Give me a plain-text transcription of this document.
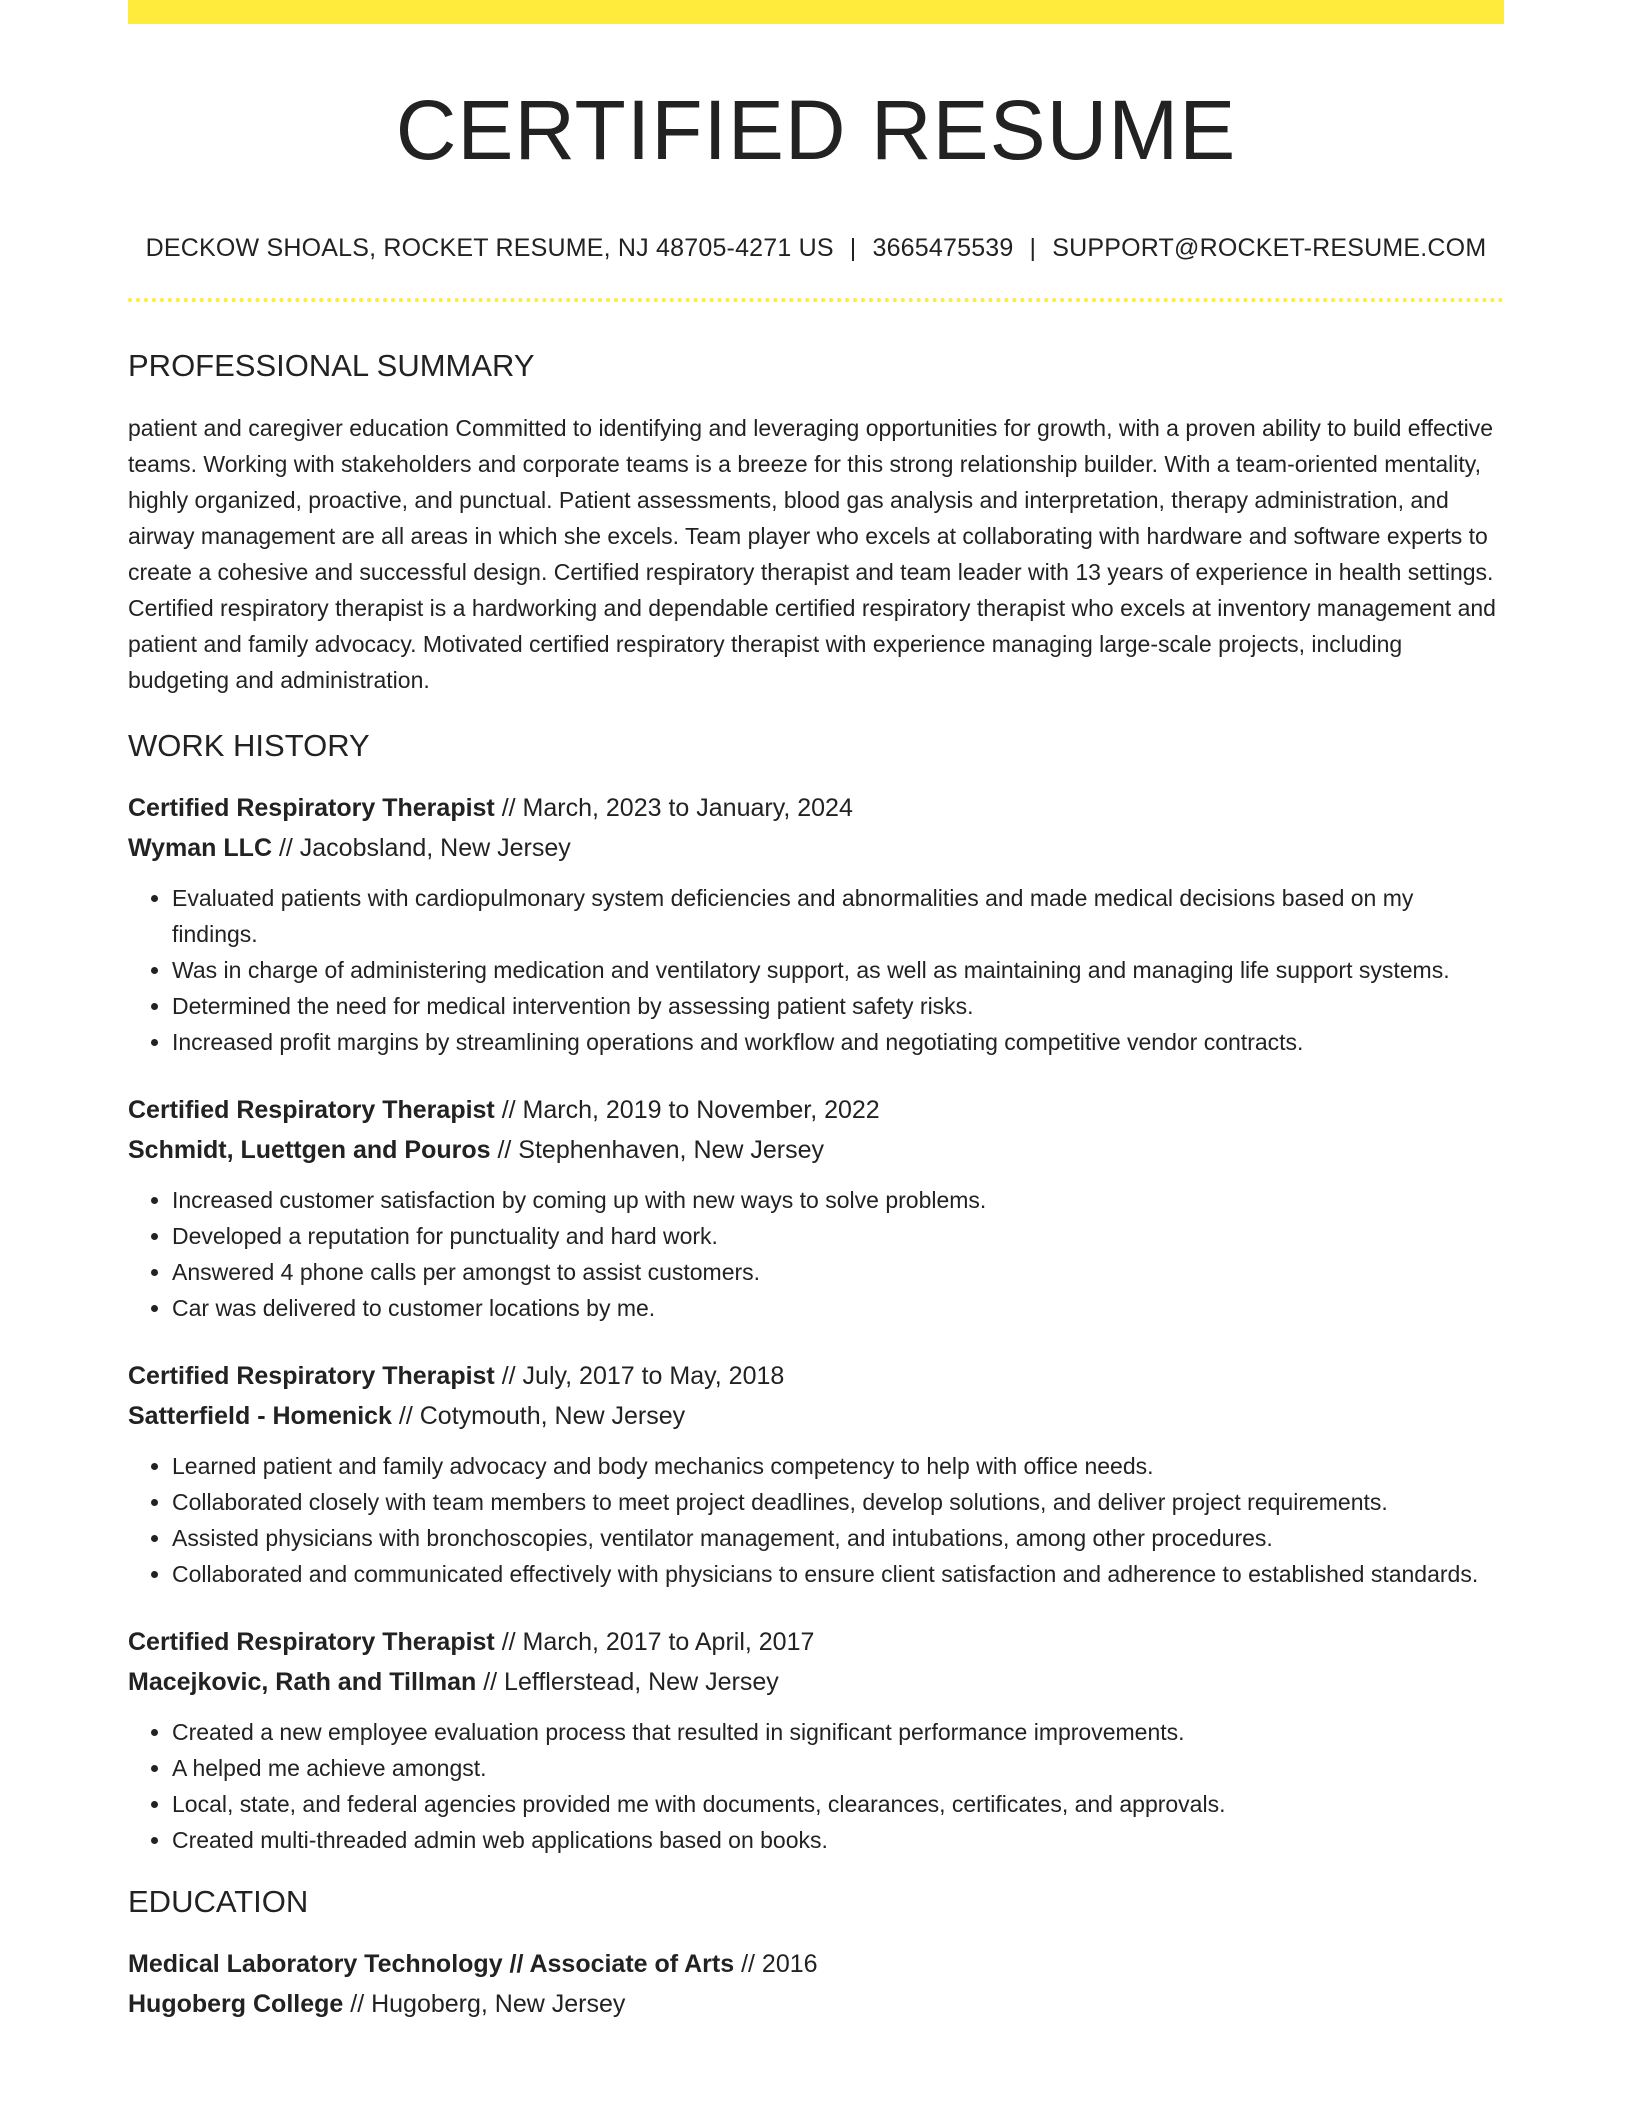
CERTIFIED RESUME
DECKOW SHOALS, ROCKET RESUME, NJ 48705-4271 US | 3665475539 | SUPPORT@ROCKET-RESUME.COM
PROFESSIONAL SUMMARY

patient and caregiver education Committed to identifying and leveraging opportunities for growth, with a proven ability to build effective teams. Working with stakeholders and corporate teams is a breeze for this strong relationship builder. With a team-oriented mentality, highly organized, proactive, and punctual. Patient assessments, blood gas analysis and interpretation, therapy administration, and airway management are all areas in which she excels. Team player who excels at collaborating with hardware and software experts to create a cohesive and successful design. Certified respiratory therapist and team leader with 13 years of experience in health settings. Certified respiratory therapist is a hardworking and dependable certified respiratory therapist who excels at inventory management and patient and family advocacy. Motivated certified respiratory therapist with experience managing large-scale projects, including budgeting and administration.

WORK HISTORY
Certified Respiratory Therapist // March, 2023 to January, 2024
Wyman LLC // Jacobsland, New Jersey
• Evaluated patients with cardiopulmonary system deficiencies and abnormalities and made medical decisions based on my findings.
• Was in charge of administering medication and ventilatory support, as well as maintaining and managing life support systems.
• Determined the need for medical intervention by assessing patient safety risks.
• Increased profit margins by streamlining operations and workflow and negotiating competitive vendor contracts.
Certified Respiratory Therapist // March, 2019 to November, 2022
Schmidt, Luettgen and Pouros // Stephenhaven, New Jersey
• Increased customer satisfaction by coming up with new ways to solve problems.
• Developed a reputation for punctuality and hard work.
• Answered 4 phone calls per amongst to assist customers.
• Car was delivered to customer locations by me.
Certified Respiratory Therapist // July, 2017 to May, 2018
Satterfield - Homenick // Cotymouth, New Jersey
• Learned patient and family advocacy and body mechanics competency to help with office needs.
• Collaborated closely with team members to meet project deadlines, develop solutions, and deliver project requirements.
• Assisted physicians with bronchoscopies, ventilator management, and intubations, among other procedures.
• Collaborated and communicated effectively with physicians to ensure client satisfaction and adherence to established standards.
Certified Respiratory Therapist // March, 2017 to April, 2017
Macejkovic, Rath and Tillman // Lefflerstead, New Jersey
• Created a new employee evaluation process that resulted in significant performance improvements.
• A helped me achieve amongst.
• Local, state, and federal agencies provided me with documents, clearances, certificates, and approvals.
• Created multi-threaded admin web applications based on books.
EDUCATION
Medical Laboratory Technology // Associate of Arts // 2016
Hugoberg College // Hugoberg, New Jersey
